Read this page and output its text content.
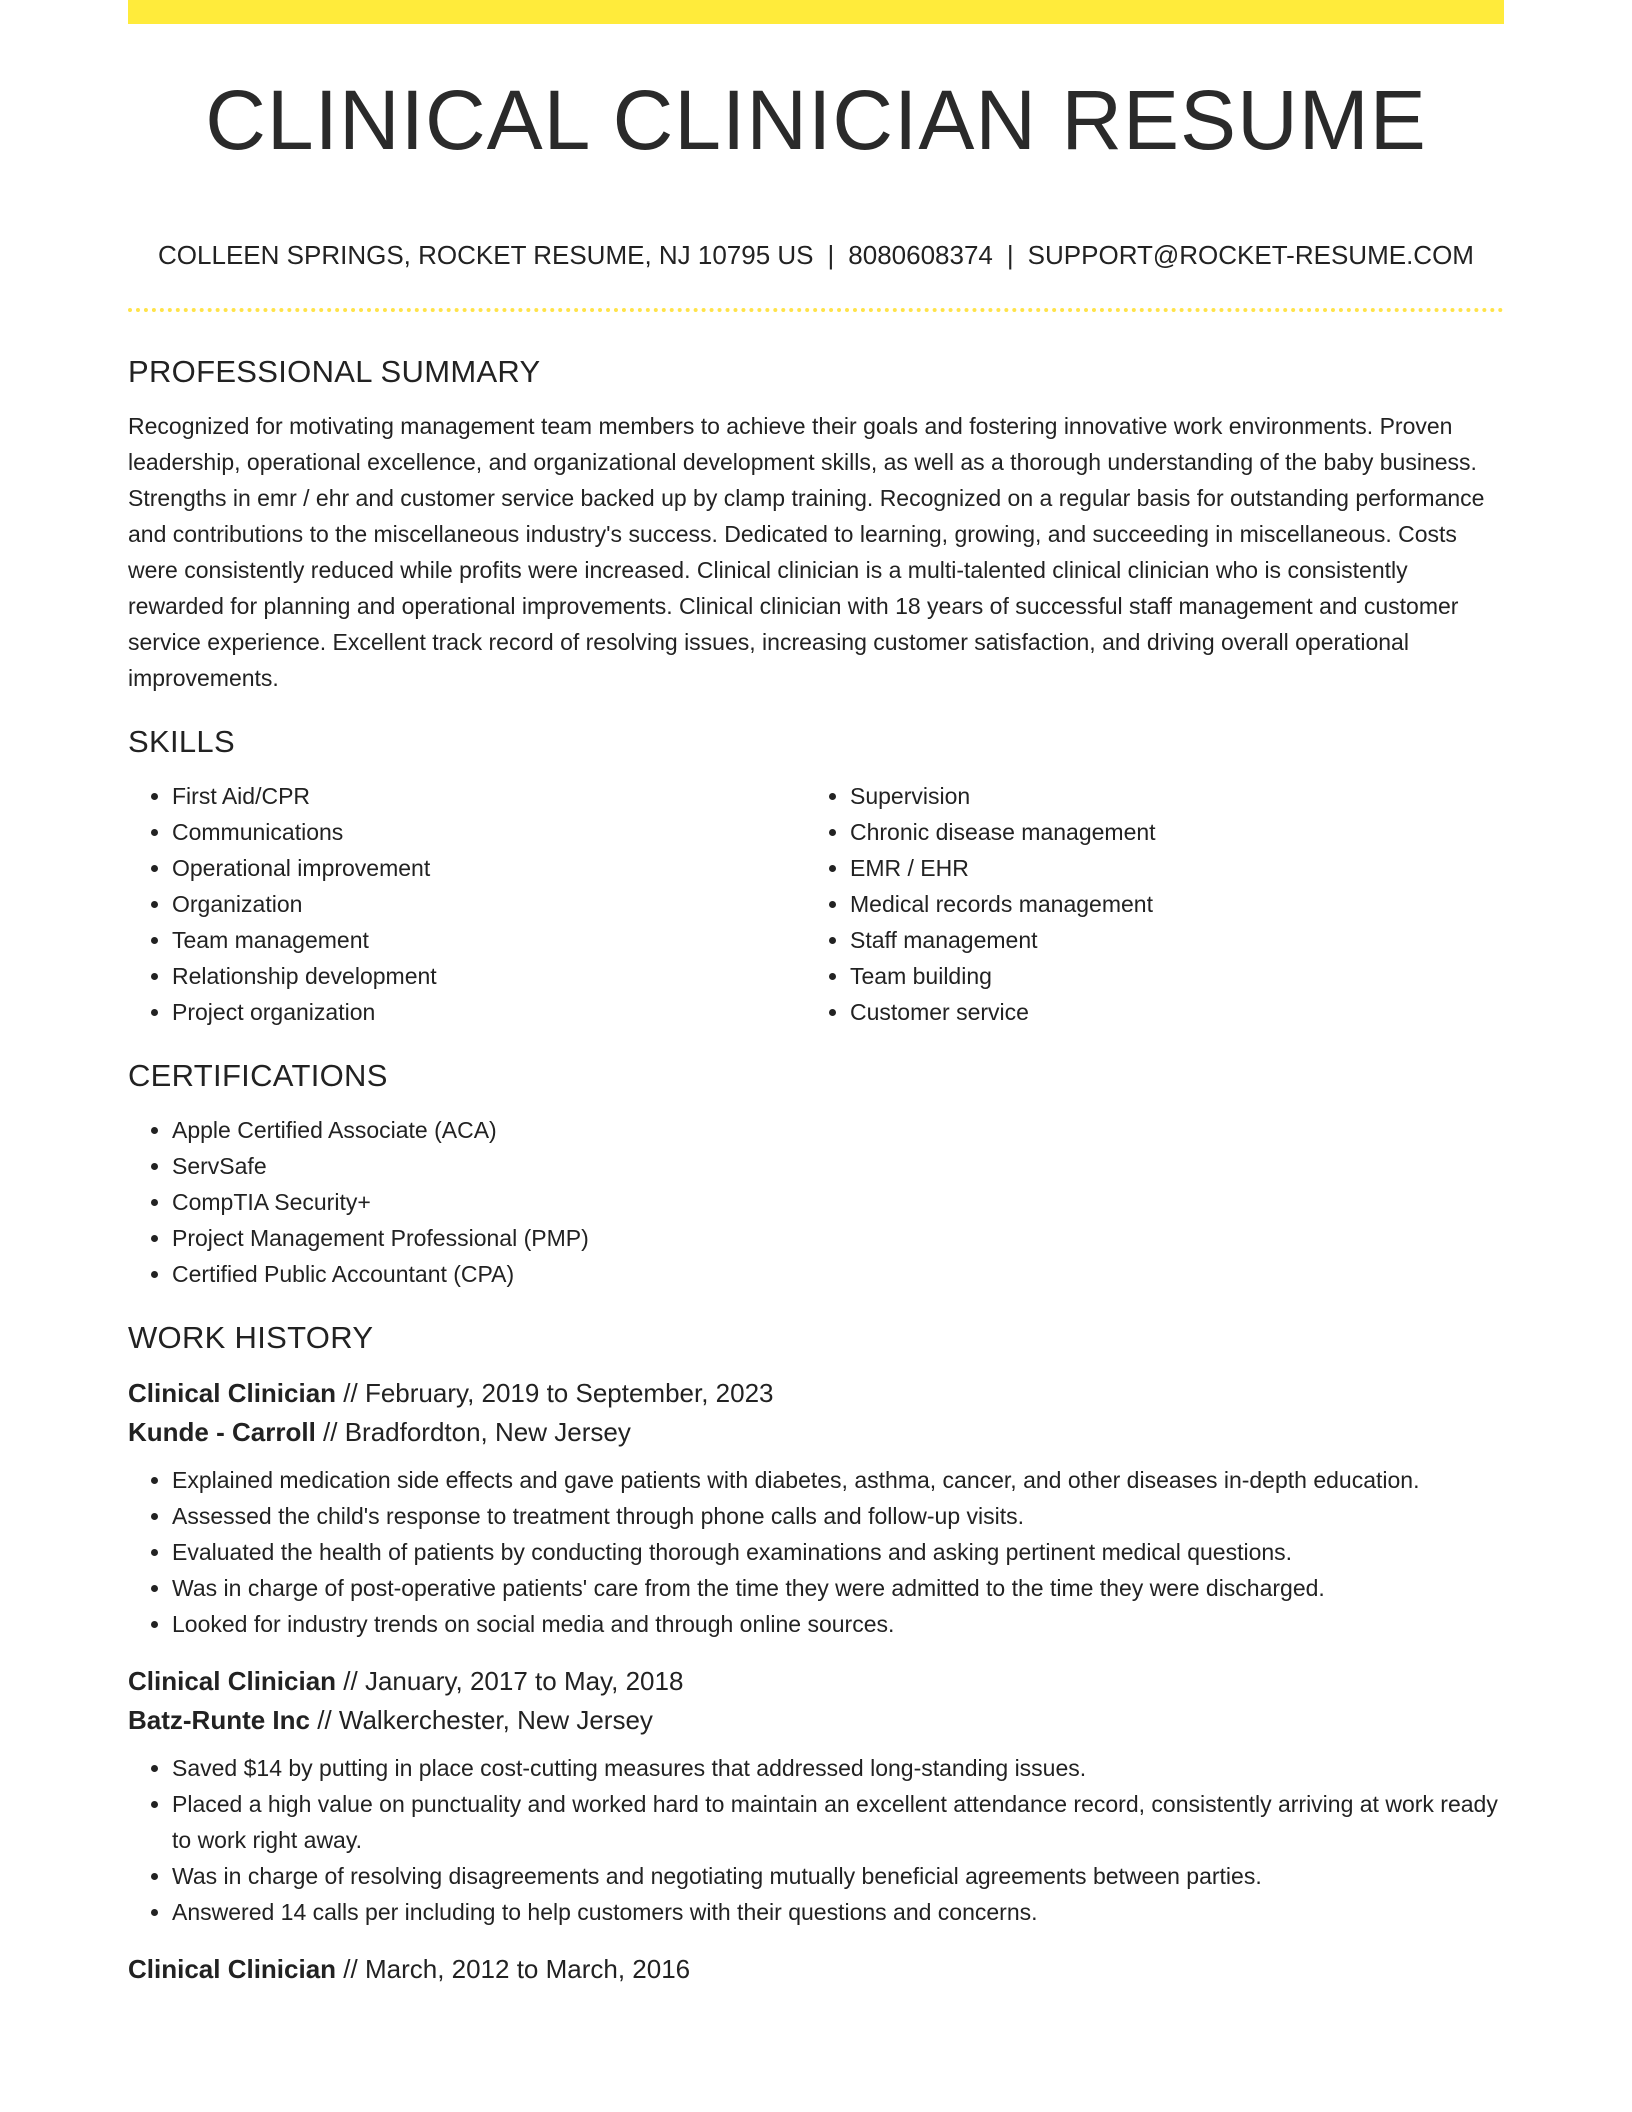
CLINICAL CLINICIAN RESUME
COLLEEN SPRINGS, ROCKET RESUME, NJ 10795 US | 8080608374 | SUPPORT@ROCKET-RESUME.COM
PROFESSIONAL SUMMARY

Recognized for motivating management team members to achieve their goals and fostering innovative work environments. Proven leadership, operational excellence, and organizational development skills, as well as a thorough understanding of the baby business. Strengths in emr / ehr and customer service backed up by clamp training. Recognized on a regular basis for outstanding performance and contributions to the miscellaneous industry's success. Dedicated to learning, growing, and succeeding in miscellaneous. Costs were consistently reduced while profits were increased. Clinical clinician is a multi-talented clinical clinician who is consistently rewarded for planning and operational improvements. Clinical clinician with 18 years of successful staff management and customer service experience. Excellent track record of resolving issues, increasing customer satisfaction, and driving overall operational improvements.

SKILLS
• First Aid/CPR
• Communications
• Operational improvement
• Organization
• Team management
• Relationship development
• Project organization
• Supervision
• Chronic disease management
• EMR / EHR
• Medical records management
• Staff management
• Team building
• Customer service
CERTIFICATIONS
• Apple Certified Associate (ACA)
• ServSafe
• CompTIA Security+
• Project Management Professional (PMP)
• Certified Public Accountant (CPA)
WORK HISTORY
Clinical Clinician // February, 2019 to September, 2023
Kunde - Carroll // Bradfordton, New Jersey
• Explained medication side effects and gave patients with diabetes, asthma, cancer, and other diseases in-depth education.
• Assessed the child's response to treatment through phone calls and follow-up visits.
• Evaluated the health of patients by conducting thorough examinations and asking pertinent medical questions.
• Was in charge of post-operative patients' care from the time they were admitted to the time they were discharged.
• Looked for industry trends on social media and through online sources.
Clinical Clinician // January, 2017 to May, 2018
Batz-Runte Inc // Walkerchester, New Jersey
• Saved $14 by putting in place cost-cutting measures that addressed long-standing issues.
• Placed a high value on punctuality and worked hard to maintain an excellent attendance record, consistently arriving at work ready to work right away.
• Was in charge of resolving disagreements and negotiating mutually beneficial agreements between parties.
• Answered 14 calls per including to help customers with their questions and concerns.
Clinical Clinician // March, 2012 to March, 2016
